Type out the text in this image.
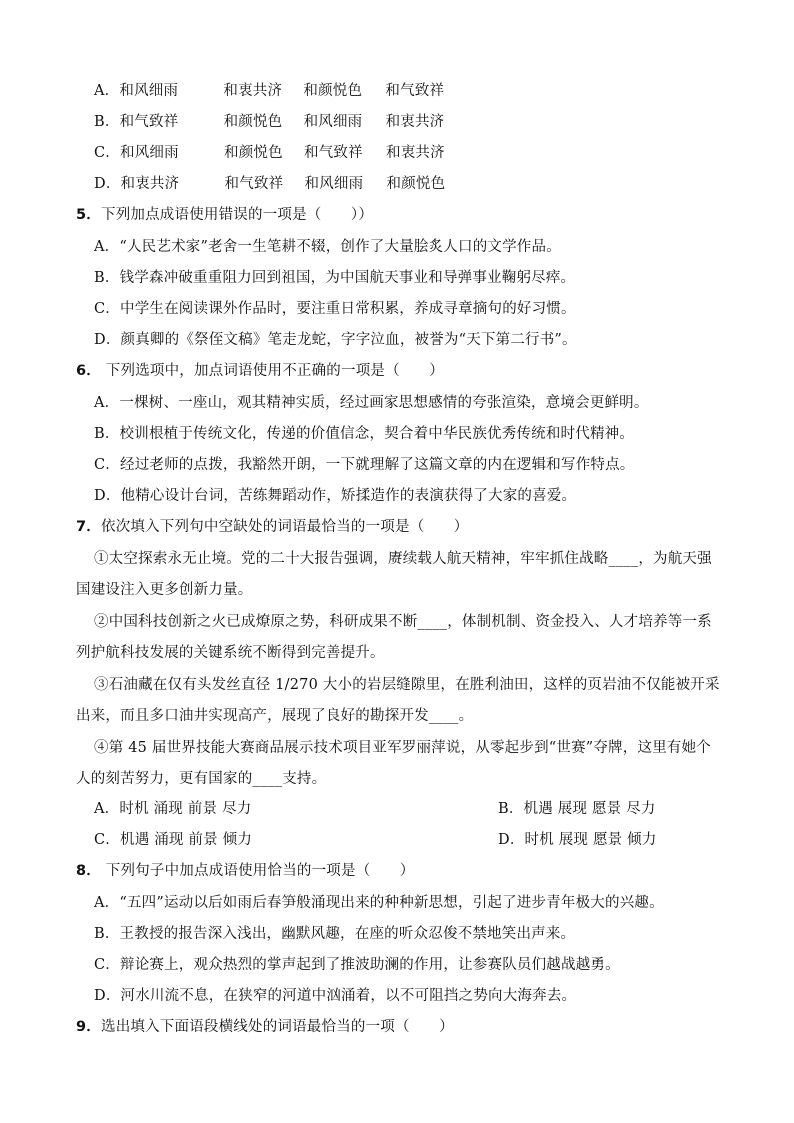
A．和风细雨	和衷共济 和颜悦色 和气致祥
B．和气致祥	和颜悦色 和风细雨 和衷共济
C．和风细雨	和颜悦色 和气致祥 和衷共济
D．和衷共济	和气致祥 和风细雨 和颜悦色
5．下列加点成语使用错误的一项是（　　））
A．“人民艺术家”老舍一生笔耕不辍，创作了大量脍炙人口的文学作品。
B．钱学森冲破重重阻力回到祖国，为中国航天事业和导弹事业鞠躬尽瘁。
C．中学生在阅读课外作品时，要注重日常积累，养成寻章摘句的好习惯。
D．颜真卿的《祭侄文稿》笔走龙蛇，字字泣血，被誉为“天下第二行书”。
6． 下列选项中，加点词语使用不正确的一项是（　　）
A．一棵树、一座山，观其精神实质，经过画家思想感情的夸张渲染，意境会更鲜明。
B．校训根植于传统文化，传递的价值信念，契合着中华民族优秀传统和时代精神。
C．经过老师的点拨，我豁然开朗，一下就理解了这篇文章的内在逻辑和写作特点。
D．他精心设计台词，苦练舞蹈动作，矫揉造作的表演获得了大家的喜爱。
7．依次填入下列句中空缺处的词语最恰当的一项是（　　）
①太空探索永无止境。党的二十大报告强调，赓续载人航天精神，牢牢抓住战略____，为航天强
国建设注入更多创新力量。
②中国科技创新之火已成燎原之势，科研成果不断____，体制机制、资金投入、人才培养等一系
列护航科技发展的关键系统不断得到完善提升。
③石油藏在仅有头发丝直径 1/270 大小的岩层缝隙里，在胜利油田，这样的页岩油不仅能被开采
出来，而且多口油井实现高产，展现了良好的勘探开发____。
④第 45 届世界技能大赛商品展示技术项目亚军罗丽萍说，从零起步到“世赛”夺牌，这里有她个
人的刻苦努力，更有国家的____支持。
A．时机 涌现 前景 尽力	B．机遇 展现 愿景 尽力
C．机遇 涌现 前景 倾力	D．时机 展现 愿景 倾力
8． 下列句子中加点成语使用恰当的一项是（　　）
A．“五四”运动以后如雨后春笋般涌现出来的种种新思想，引起了进步青年极大的兴趣。
B．王教授的报告深入浅出，幽默风趣，在座的听众忍俊不禁地笑出声来。
C．辩论赛上，观众热烈的掌声起到了推波助澜的作用，让参赛队员们越战越勇。
D．河水川流不息，在狭窄的河道中汹涌着，以不可阻挡之势向大海奔去。
9．选出填入下面语段横线处的词语最恰当的一项（　　）
